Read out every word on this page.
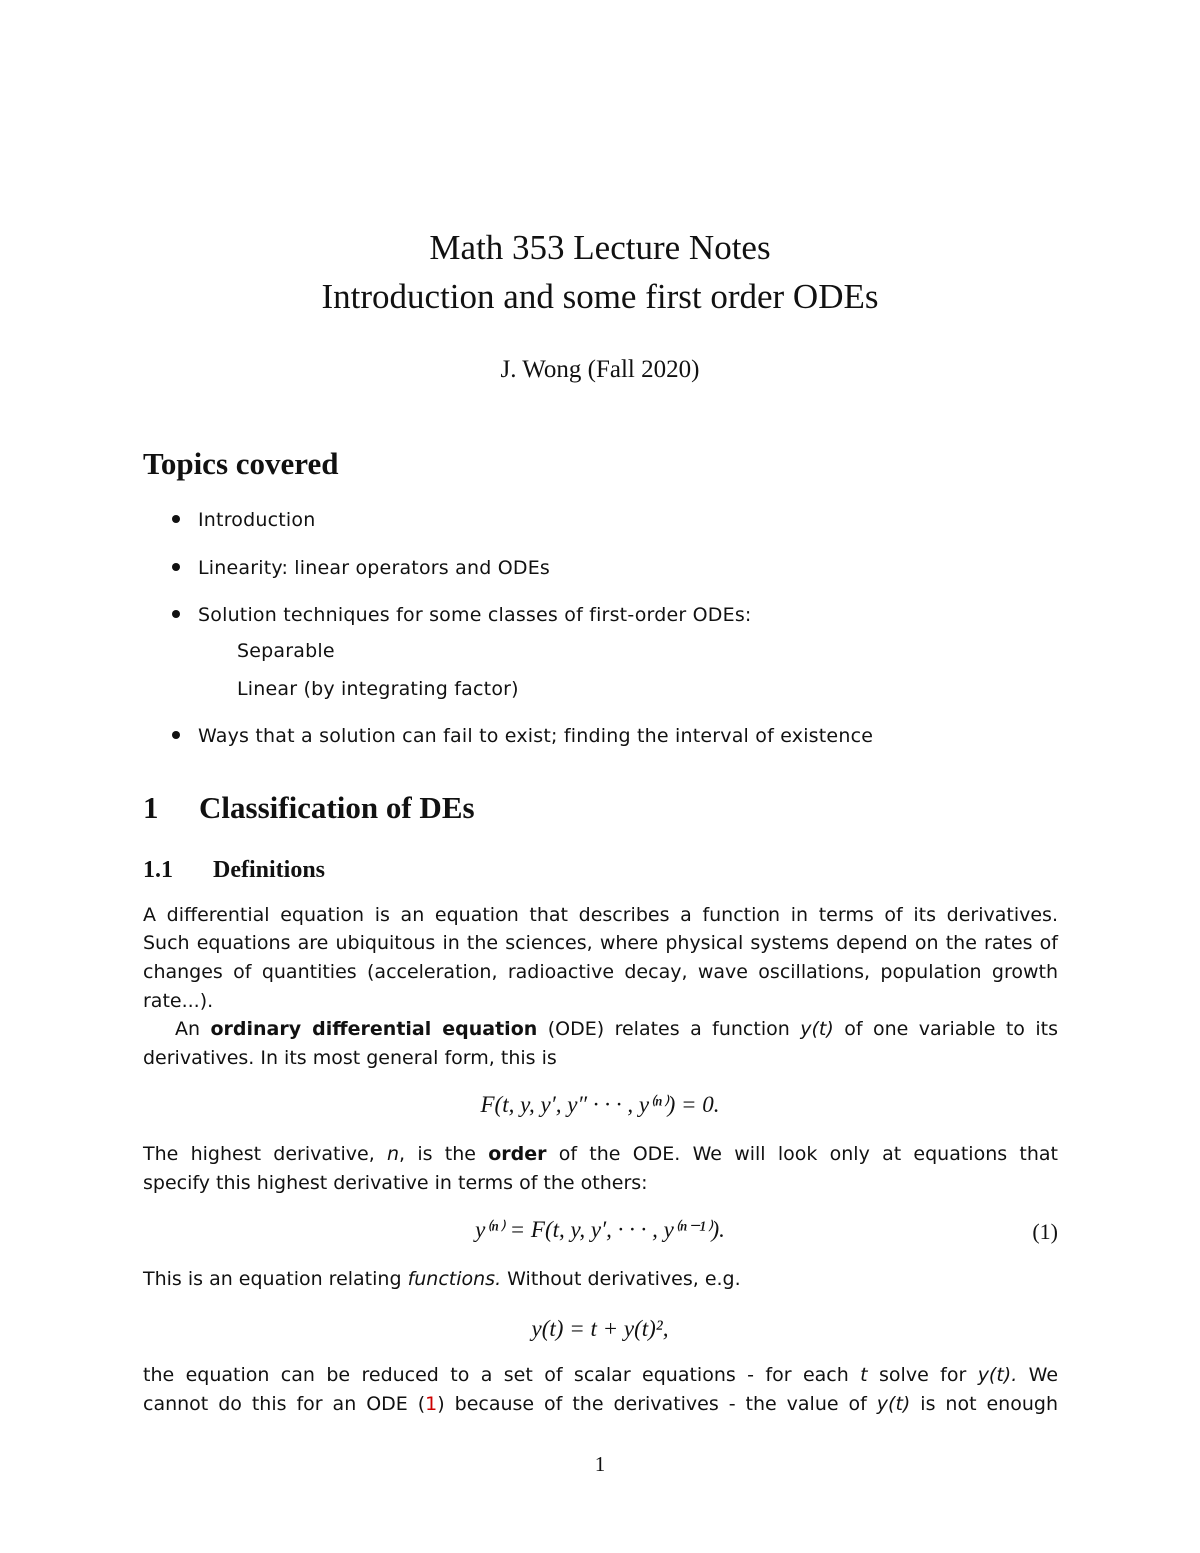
Math 353 Lecture Notes
Introduction and some first order ODEs
J. Wong (Fall 2020)
Topics covered
Introduction
Linearity: linear operators and ODEs
Solution techniques for some classes of first-order ODEs:
Separable
Linear (by integrating factor)
Ways that a solution can fail to exist; finding the interval of existence
1 Classification of DEs
1.1 Definitions
A differential equation is an equation that describes a function in terms of its derivatives.
Such equations are ubiquitous in the sciences, where physical systems depend on the rates of
changes of quantities (acceleration, radioactive decay, wave oscillations, population growth
rate...).
An ordinary differential equation (ODE) relates a function y(t) of one variable to its
derivatives. In its most general form, this is
F(t, y, y′, y″ · · · , y⁽ⁿ⁾) = 0.
The highest derivative, n, is the order of the ODE. We will look only at equations that
specify this highest derivative in terms of the others:
y⁽ⁿ⁾ = F(t, y, y′, · · · , y⁽ⁿ⁻¹⁾).	(1)
This is an equation relating functions. Without derivatives, e.g.
y(t) = t + y(t)²,
the equation can be reduced to a set of scalar equations - for each t solve for y(t). We
cannot do this for an ODE (1) because of the derivatives - the value of y(t) is not enough
1
